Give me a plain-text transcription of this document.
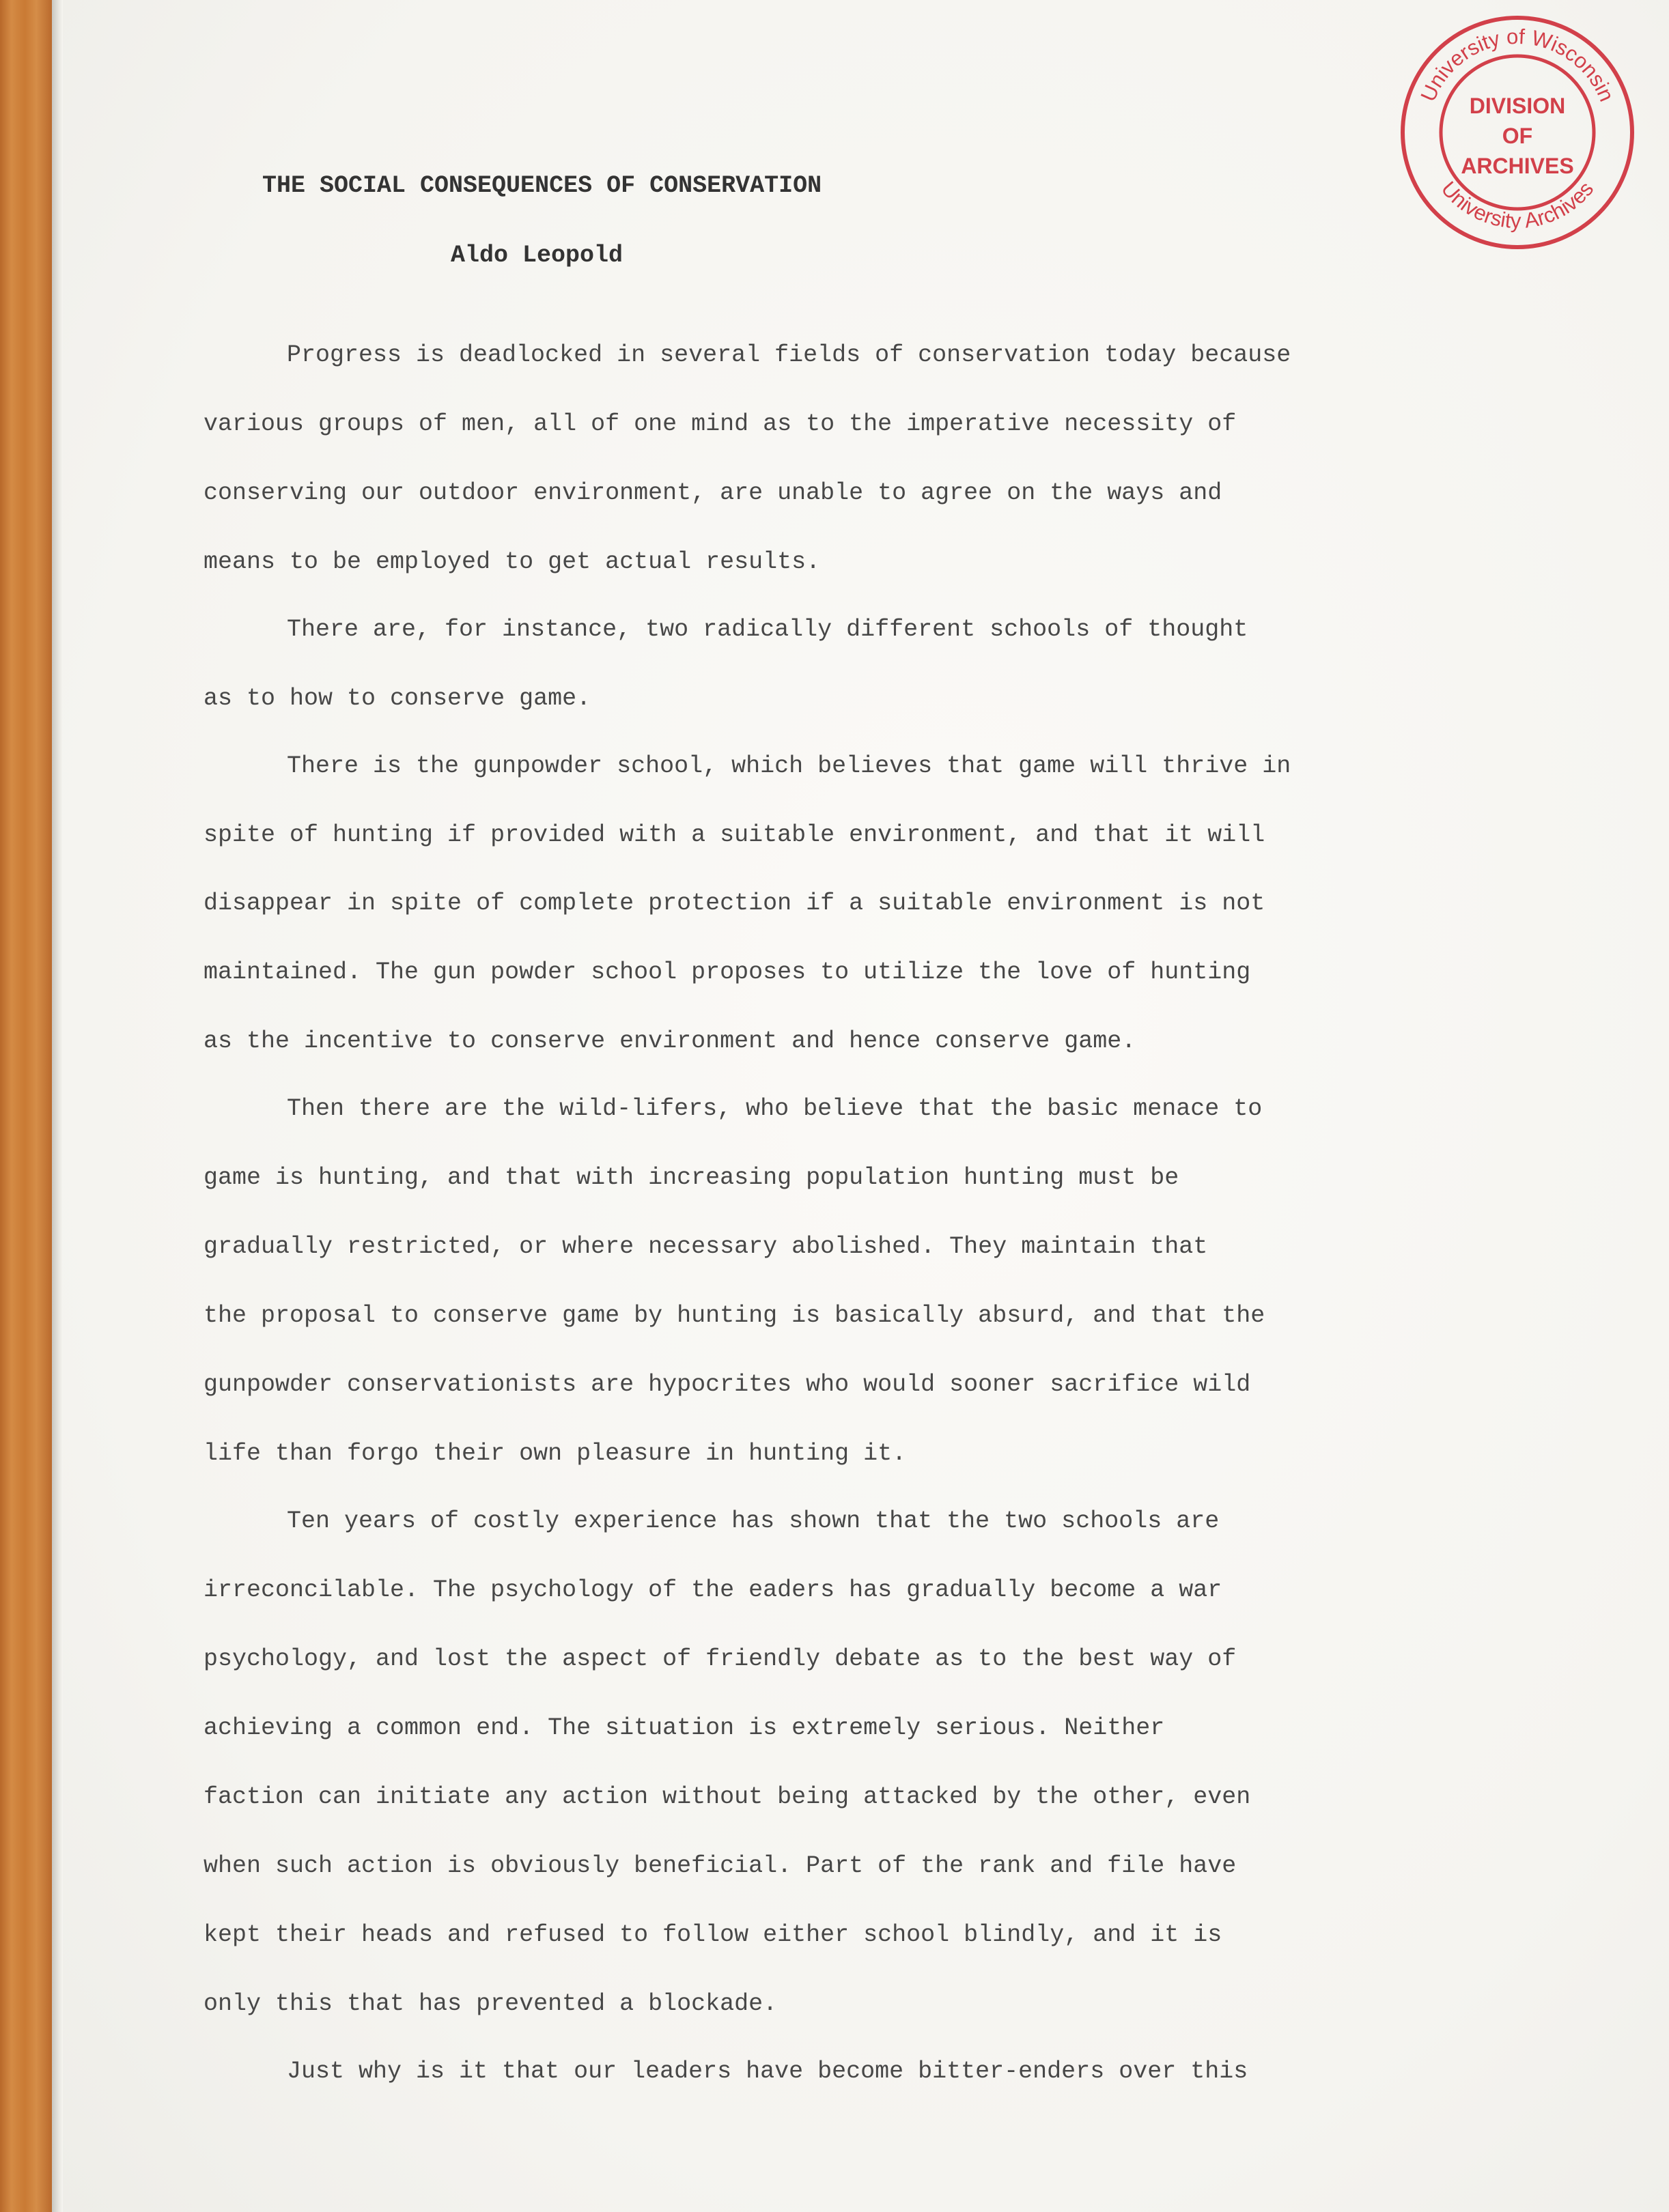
University of Wisconsin
University Archives
DIVISION
OF
ARCHIVES
THE SOCIAL CONSEQUENCES OF CONSERVATION
Aldo Leopold
Progress is deadlocked in several fields of conservation today because
various groups of men, all of one mind as to the imperative necessity of
conserving our outdoor environment, are unable to agree on the ways and
means to be employed to get actual results.
There are, for instance, two radically different schools of thought
as to how to conserve game.
There is the gunpowder school, which believes that game will thrive in
spite of hunting if provided with a suitable environment, and that it will
disappear in spite of complete protection if a suitable environment is not
maintained. The gun powder school proposes to utilize the love of hunting
as the incentive to conserve environment and hence conserve game.
Then there are the wild-lifers, who believe that the basic menace to
game is hunting, and that with increasing population hunting must be
gradually restricted, or where necessary abolished. They maintain that
the proposal to conserve game by hunting is basically absurd, and that the
gunpowder conservationists are hypocrites who would sooner sacrifice wild
life than forgo their own pleasure in hunting it.
Ten years of costly experience has shown that the two schools are
irreconcilable. The psychology of the eaders has gradually become a war
psychology, and lost the aspect of friendly debate as to the best way of
achieving a common end. The situation is extremely serious. Neither
faction can initiate any action without being attacked by the other, even
when such action is obviously beneficial. Part of the rank and file have
kept their heads and refused to follow either school blindly, and it is
only this that has prevented a blockade.
Just why is it that our leaders have become bitter-enders over this
